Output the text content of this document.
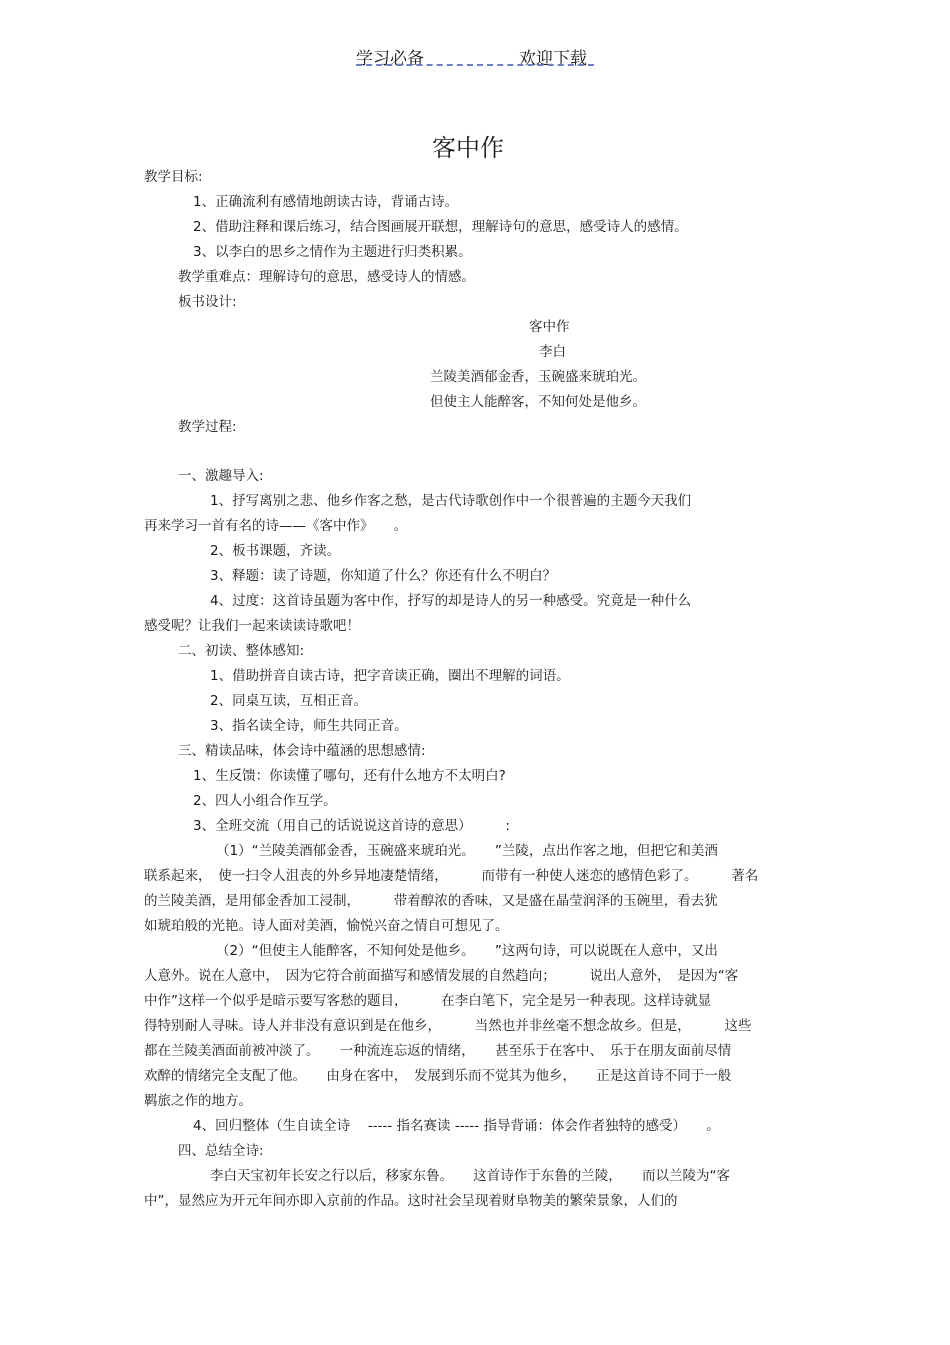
学习必备	欢迎下载
客中作
教学目标:
1、正确流利有感情地朗读古诗，背诵古诗。
2、借助注释和课后练习，结合图画展开联想，理解诗句的意思，感受诗人的感情。
3、以李白的思乡之情作为主题进行归类积累。
教学重难点：理解诗句的意思，感受诗人的情感。
板书设计:
客中作
李白
兰陵美酒郁金香，玉碗盛来琥珀光。
但使主人能醉客，不知何处是他乡。
教学过程:
一、激趣导入:
1、抒写离别之悲、他乡作客之愁，是古代诗歌创作中一个很普遍的主题今天我们
再来学习一首有名的诗——《客中作》　　。
2、板书课题，齐读。
3、释题：读了诗题，你知道了什么？你还有什么不明白？
4、过度：这首诗虽题为客中作，抒写的却是诗人的另一种感受。究竟是一种什么
感受呢？让我们一起来读读诗歌吧！
二、初读、整体感知:
1、借助拼音自读古诗，把字音读正确，圈出不理解的词语。
2、同桌互读，互相正音。
3、指名读全诗，师生共同正音。
三、精读品味，体会诗中蕴涵的思想感情:
1、生反馈：你读懂了哪句，还有什么地方不太明白?
2、四人小组合作互学。
3、全班交流（用自己的话说说这首诗的意思）　　　:
（1）“兰陵美酒郁金香，玉碗盛来琥珀光。　　”兰陵，点出作客之地，但把它和美酒
联系起来，　使一扫令人沮丧的外乡异地凄楚情绪，　　　而带有一种使人迷恋的感情色彩了。　　　著名
的兰陵美酒，是用郁金香加工浸制，　　　带着醇浓的香味，又是盛在晶莹润泽的玉碗里，看去犹
如琥珀般的光艳。诗人面对美酒，愉悦兴奋之情自可想见了。
（2）“但使主人能醉客，不知何处是他乡。　　”这两句诗，可以说既在人意中，又出
人意外。说在人意中，　因为它符合前面描写和感情发展的自然趋向；　　　说出人意外，　是因为“客
中作”这样一个似乎是暗示要写客愁的题目，　　　在李白笔下，完全是另一种表现。这样诗就显
得特别耐人寻味。诗人并非没有意识到是在他乡，　　　当然也并非丝毫不想念故乡。但是，　　　这些
都在兰陵美酒面前被冲淡了。　　一种流连忘返的情绪，　　甚至乐于在客中、　乐于在朋友面前尽情
欢醉的情绪完全支配了他。　　由身在客中，　发展到乐而不觉其为他乡，　　正是这首诗不同于一般
羁旅之作的地方。
4、回归整体（生自读全诗　 ----- 指名赛读 ----- 指导背诵：体会作者独特的感受）　　。
四、总结全诗:
李白天宝初年长安之行以后，移家东鲁。　　这首诗作于东鲁的兰陵，　　而以兰陵为“客
中”，显然应为开元年间亦即入京前的作品。这时社会呈现着财阜物美的繁荣景象，人们的
